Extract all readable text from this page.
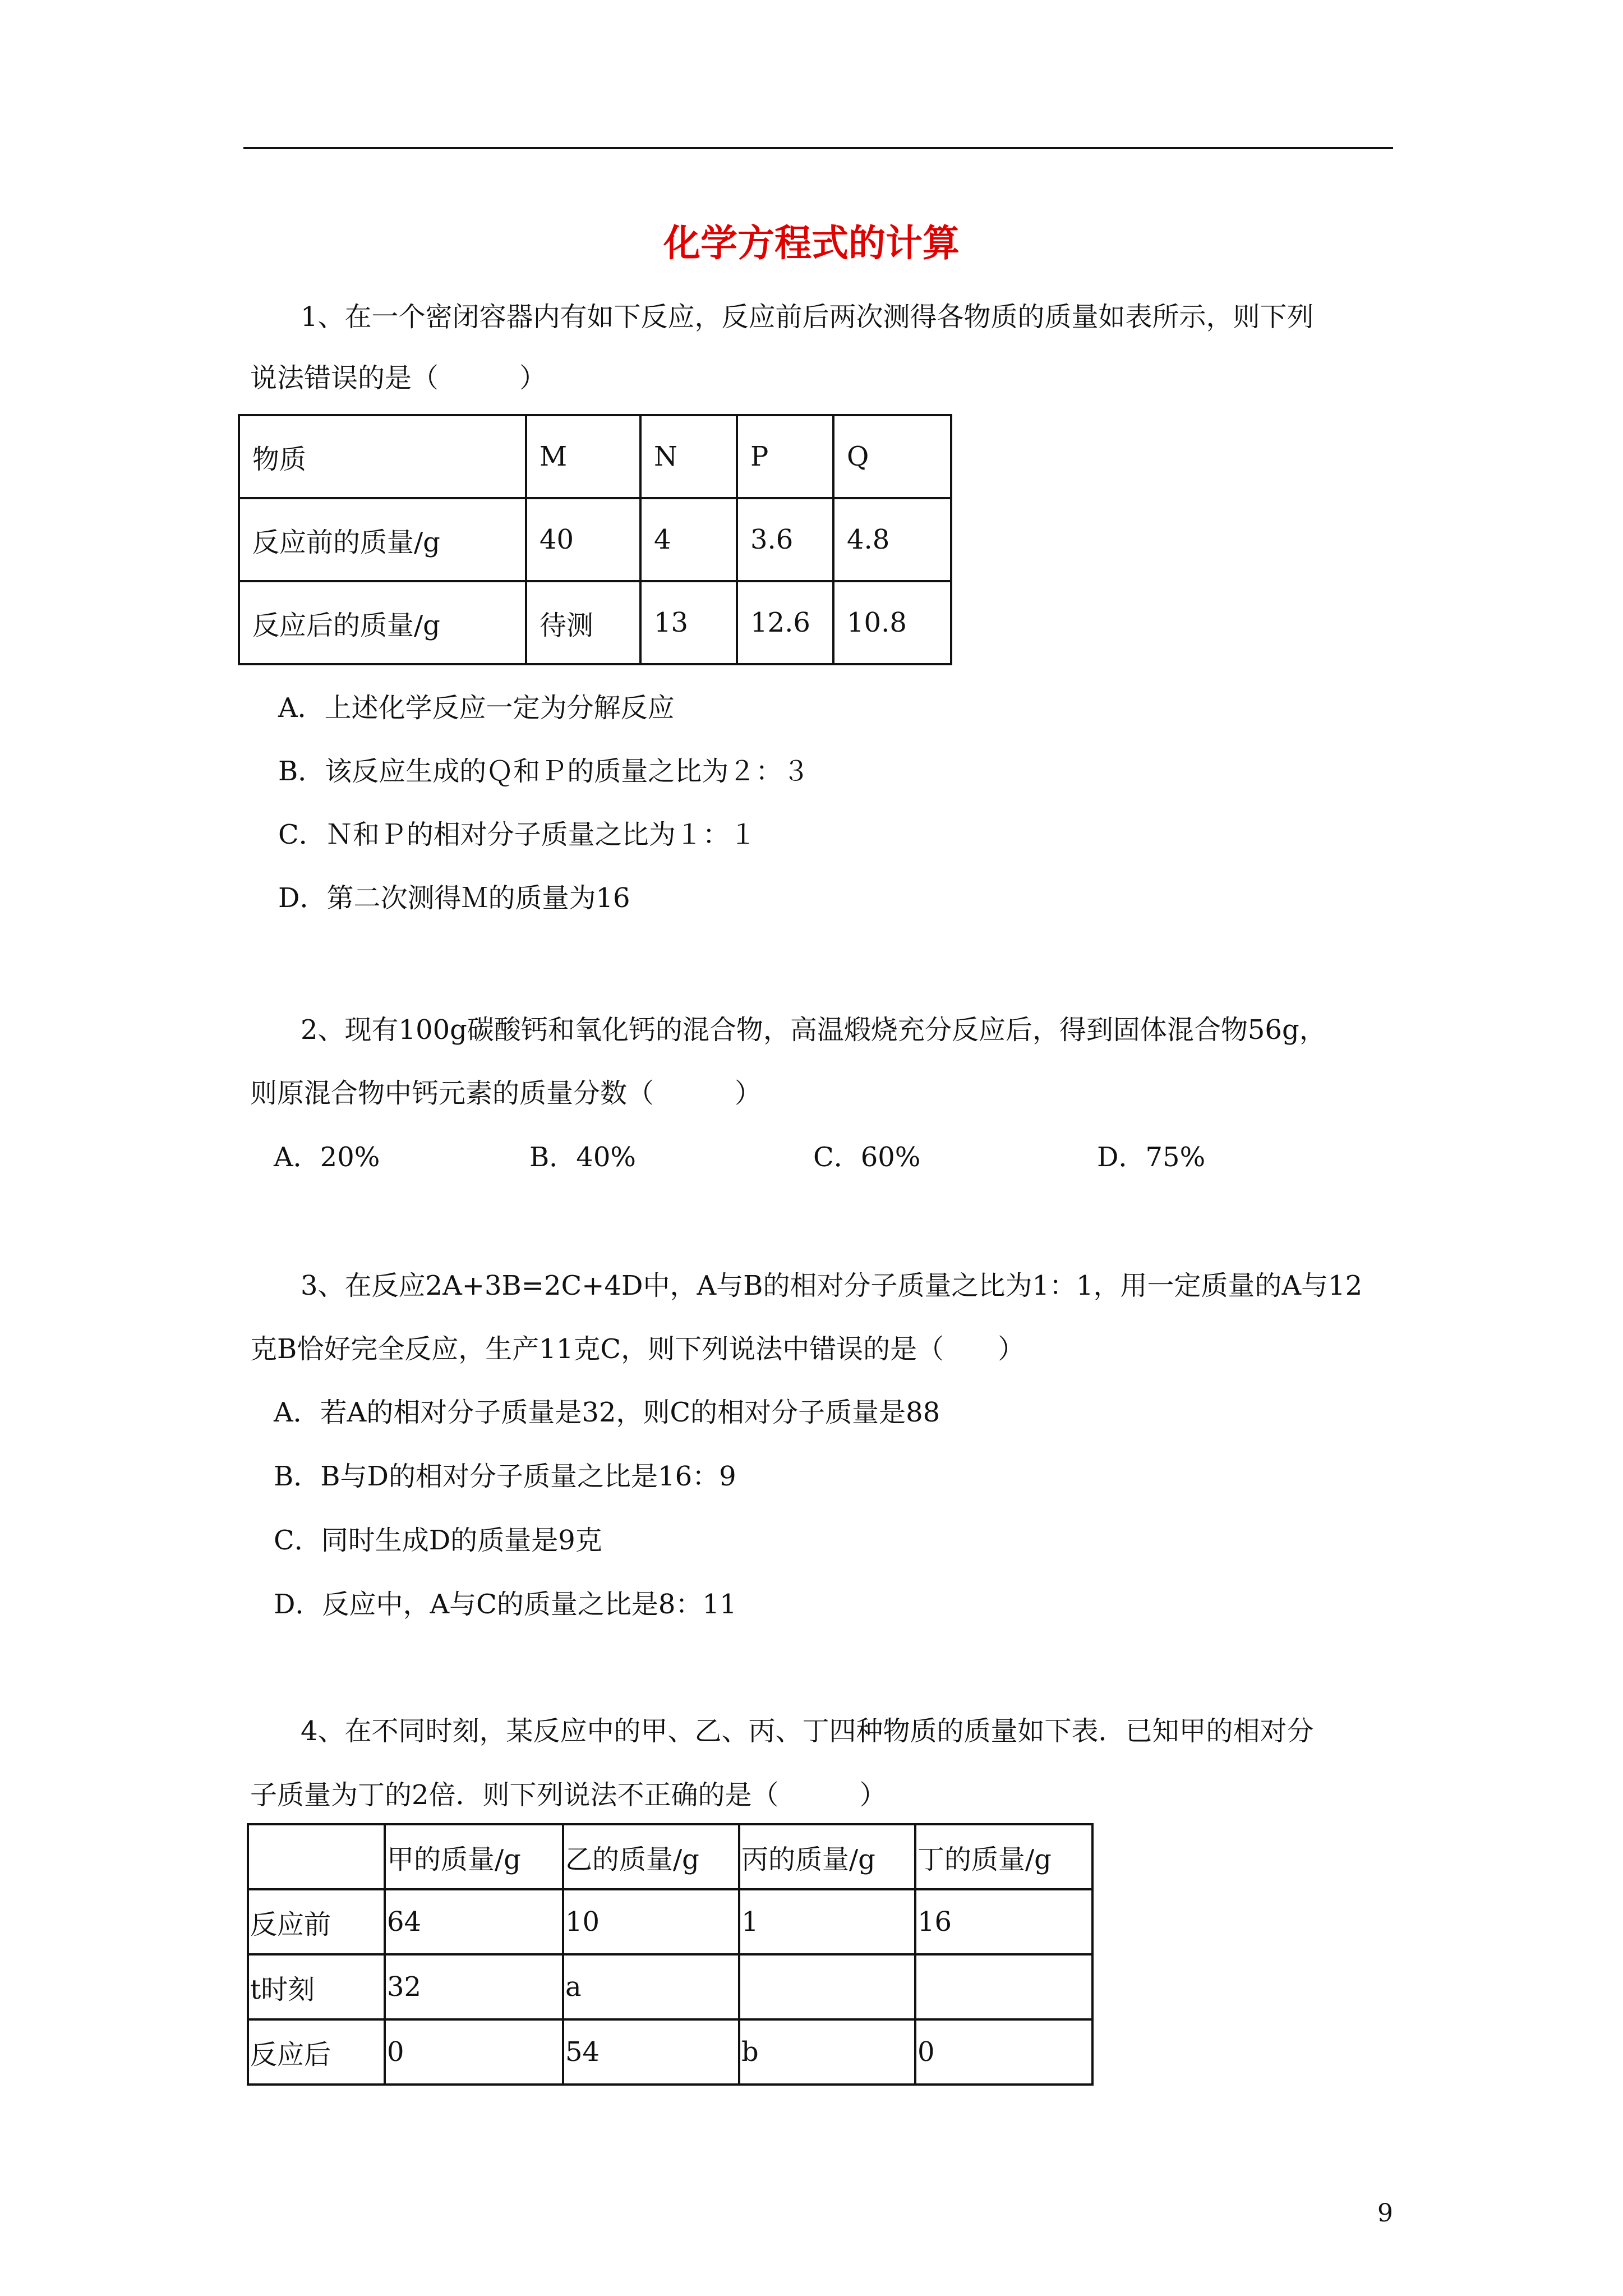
化学方程式的计算
1、在一个密闭容器内有如下反应，反应前后两次测得各物质的质量如表所示，则下列
说法错误的是（　　　）
物质	M	N	P	Q
反应前的质量/g	40	4	3.6	4.8
反应后的质量/g	待测	13	12.6	10.8
A．上述化学反应一定为分解反应
B．该反应生成的Ｑ和Ｐ的质量之比为２：３
C．Ｎ和Ｐ的相对分子质量之比为１：１
D．第二次测得Ｍ的质量为16
2、现有100g碳酸钙和氧化钙的混合物，高温煅烧充分反应后，得到固体混合物56g，
则原混合物中钙元素的质量分数（　　　）
A．20%	B．40%	C．60%	D．75%
3、在反应2A+3B=2C+4D中，A与B的相对分子质量之比为1：1，用一定质量的A与12
克B恰好完全反应，生产11克C，则下列说法中错误的是（　　）
A．若A的相对分子质量是32，则C的相对分子质量是88
B．B与D的相对分子质量之比是16：9
C．同时生成D的质量是9克
D．反应中，A与C的质量之比是8：11
4、在不同时刻，某反应中的甲、乙、丙、丁四种物质的质量如下表．已知甲的相对分
子质量为丁的2倍．则下列说法不正确的是（　　　）
	甲的质量/g	乙的质量/g	丙的质量/g	丁的质量/g
反应前	64	10	1	16
t时刻	32	a		
反应后	0	54	b	0
9
